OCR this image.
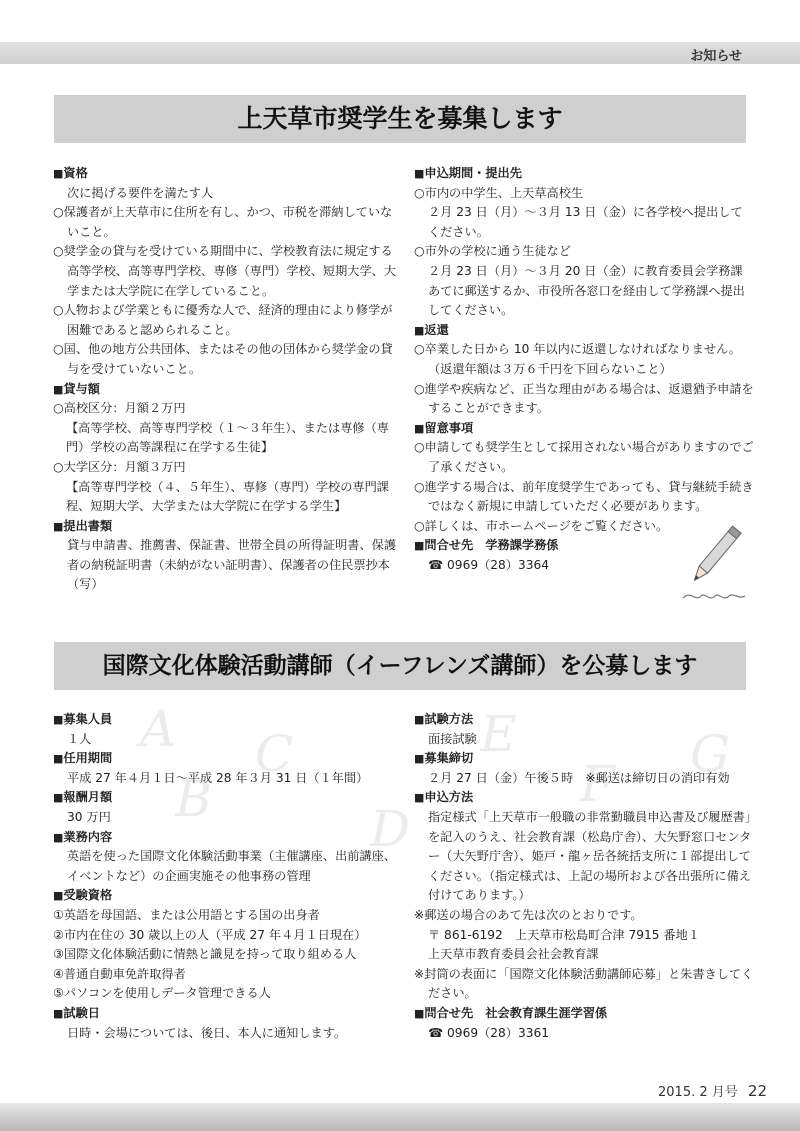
お知らせ
上天草市奨学生を募集します

■ 資格

次に掲げる要件を満たす人

○保護者が上天草市に住所を有し、かつ、市税を滞納していないこと。

○奨学金の貸与を受けている期間中に、学校教育法に規定する高等学校、高等専門学校、専修（専門）学校、短期大学、大学または大学院に在学していること。

○人物および学業ともに優秀な人で、経済的理由により修学が困難であると認められること。

○国、他の地方公共団体、またはその他の団体から奨学金の貸与を受けていないこと。

■ 貸与額

○高校区分：月額２万円

【高等学校、高等専門学校（１～３年生）、または専修（専門）学校の高等課程に在学する生徒】

○大学区分：月額３万円

【高等専門学校（４、５年生）、専修（専門）学校の専門課程、短期大学、大学または大学院に在学する学生】

■ 提出書類

貸与申請書、推薦書、保証書、世帯全員の所得証明書、保護者の納税証明書（未納がない証明書）、保護者の住民票抄本（写）

■ 申込期間・提出先

○市内の中学生、上天草高校生

２月 23 日（月）～３月 13 日（金）に各学校へ提出してください。

○市外の学校に通う生徒など

２月 23 日（月）～３月 20 日（金）に教育委員会学務課あてに郵送するか、市役所各窓口を経由して学務課へ提出してください。

■ 返還

○卒業した日から 10 年以内に返還しなければなりません。（返還年額は３万６千円を下回らないこと）

○進学や疾病など、正当な理由がある場合は、返還猶予申請をすることができます。

■ 留意事項

○申請しても奨学生として採用されない場合がありますのでご了承ください。

○進学する場合は、前年度奨学生であっても、貸与継続手続きではなく新規に申請していただく必要があります。

○詳しくは、市ホームページをご覧ください。

■ 問合せ先　学務課学務係

☎ 0969（28）3364

国際文化体験活動講師（イーフレンズ講師）を公募します
A
B
C
D
E
F
G

■ 募集人員

１人

■ 任用期間

平成 27 年４月１日～平成 28 年３月 31 日（１年間）

■ 報酬月額

30 万円

■ 業務内容

英語を使った国際文化体験活動事業（主催講座、出前講座、イベントなど）の企画実施その他事務の管理

■ 受験資格

①英語を母国語、または公用語とする国の出身者

②市内在住の 30 歳以上の人（平成 27 年４月１日現在）

③国際文化体験活動に情熱と識見を持って取り組める人

④普通自動車免許取得者

⑤パソコンを使用しデータ管理できる人

■ 試験日

日時・会場については、後日、本人に通知します。

■ 試験方法

面接試験

■ 募集締切

２月 27 日（金）午後５時　※郵送は締切日の消印有効

■ 申込方法

指定様式「上天草市一般職の非常勤職員申込書及び履歴書」を記入のうえ、社会教育課（松島庁舎）、大矢野窓口センター（大矢野庁舎）、姫戸・龍ヶ岳各統括支所に１部提出してください。（指定様式は、上記の場所および各出張所に備え付けてあります。）

※郵送の場合のあて先は次のとおりです。

〒 861-6192　上天草市松島町合津 7915 番地１

上天草市教育委員会社会教育課

※封筒の表面に「国際文化体験活動講師応募」と朱書きしてください。

■ 問合せ先　社会教育課生涯学習係

☎ 0969（28）3361

2015. 2 月号 22
